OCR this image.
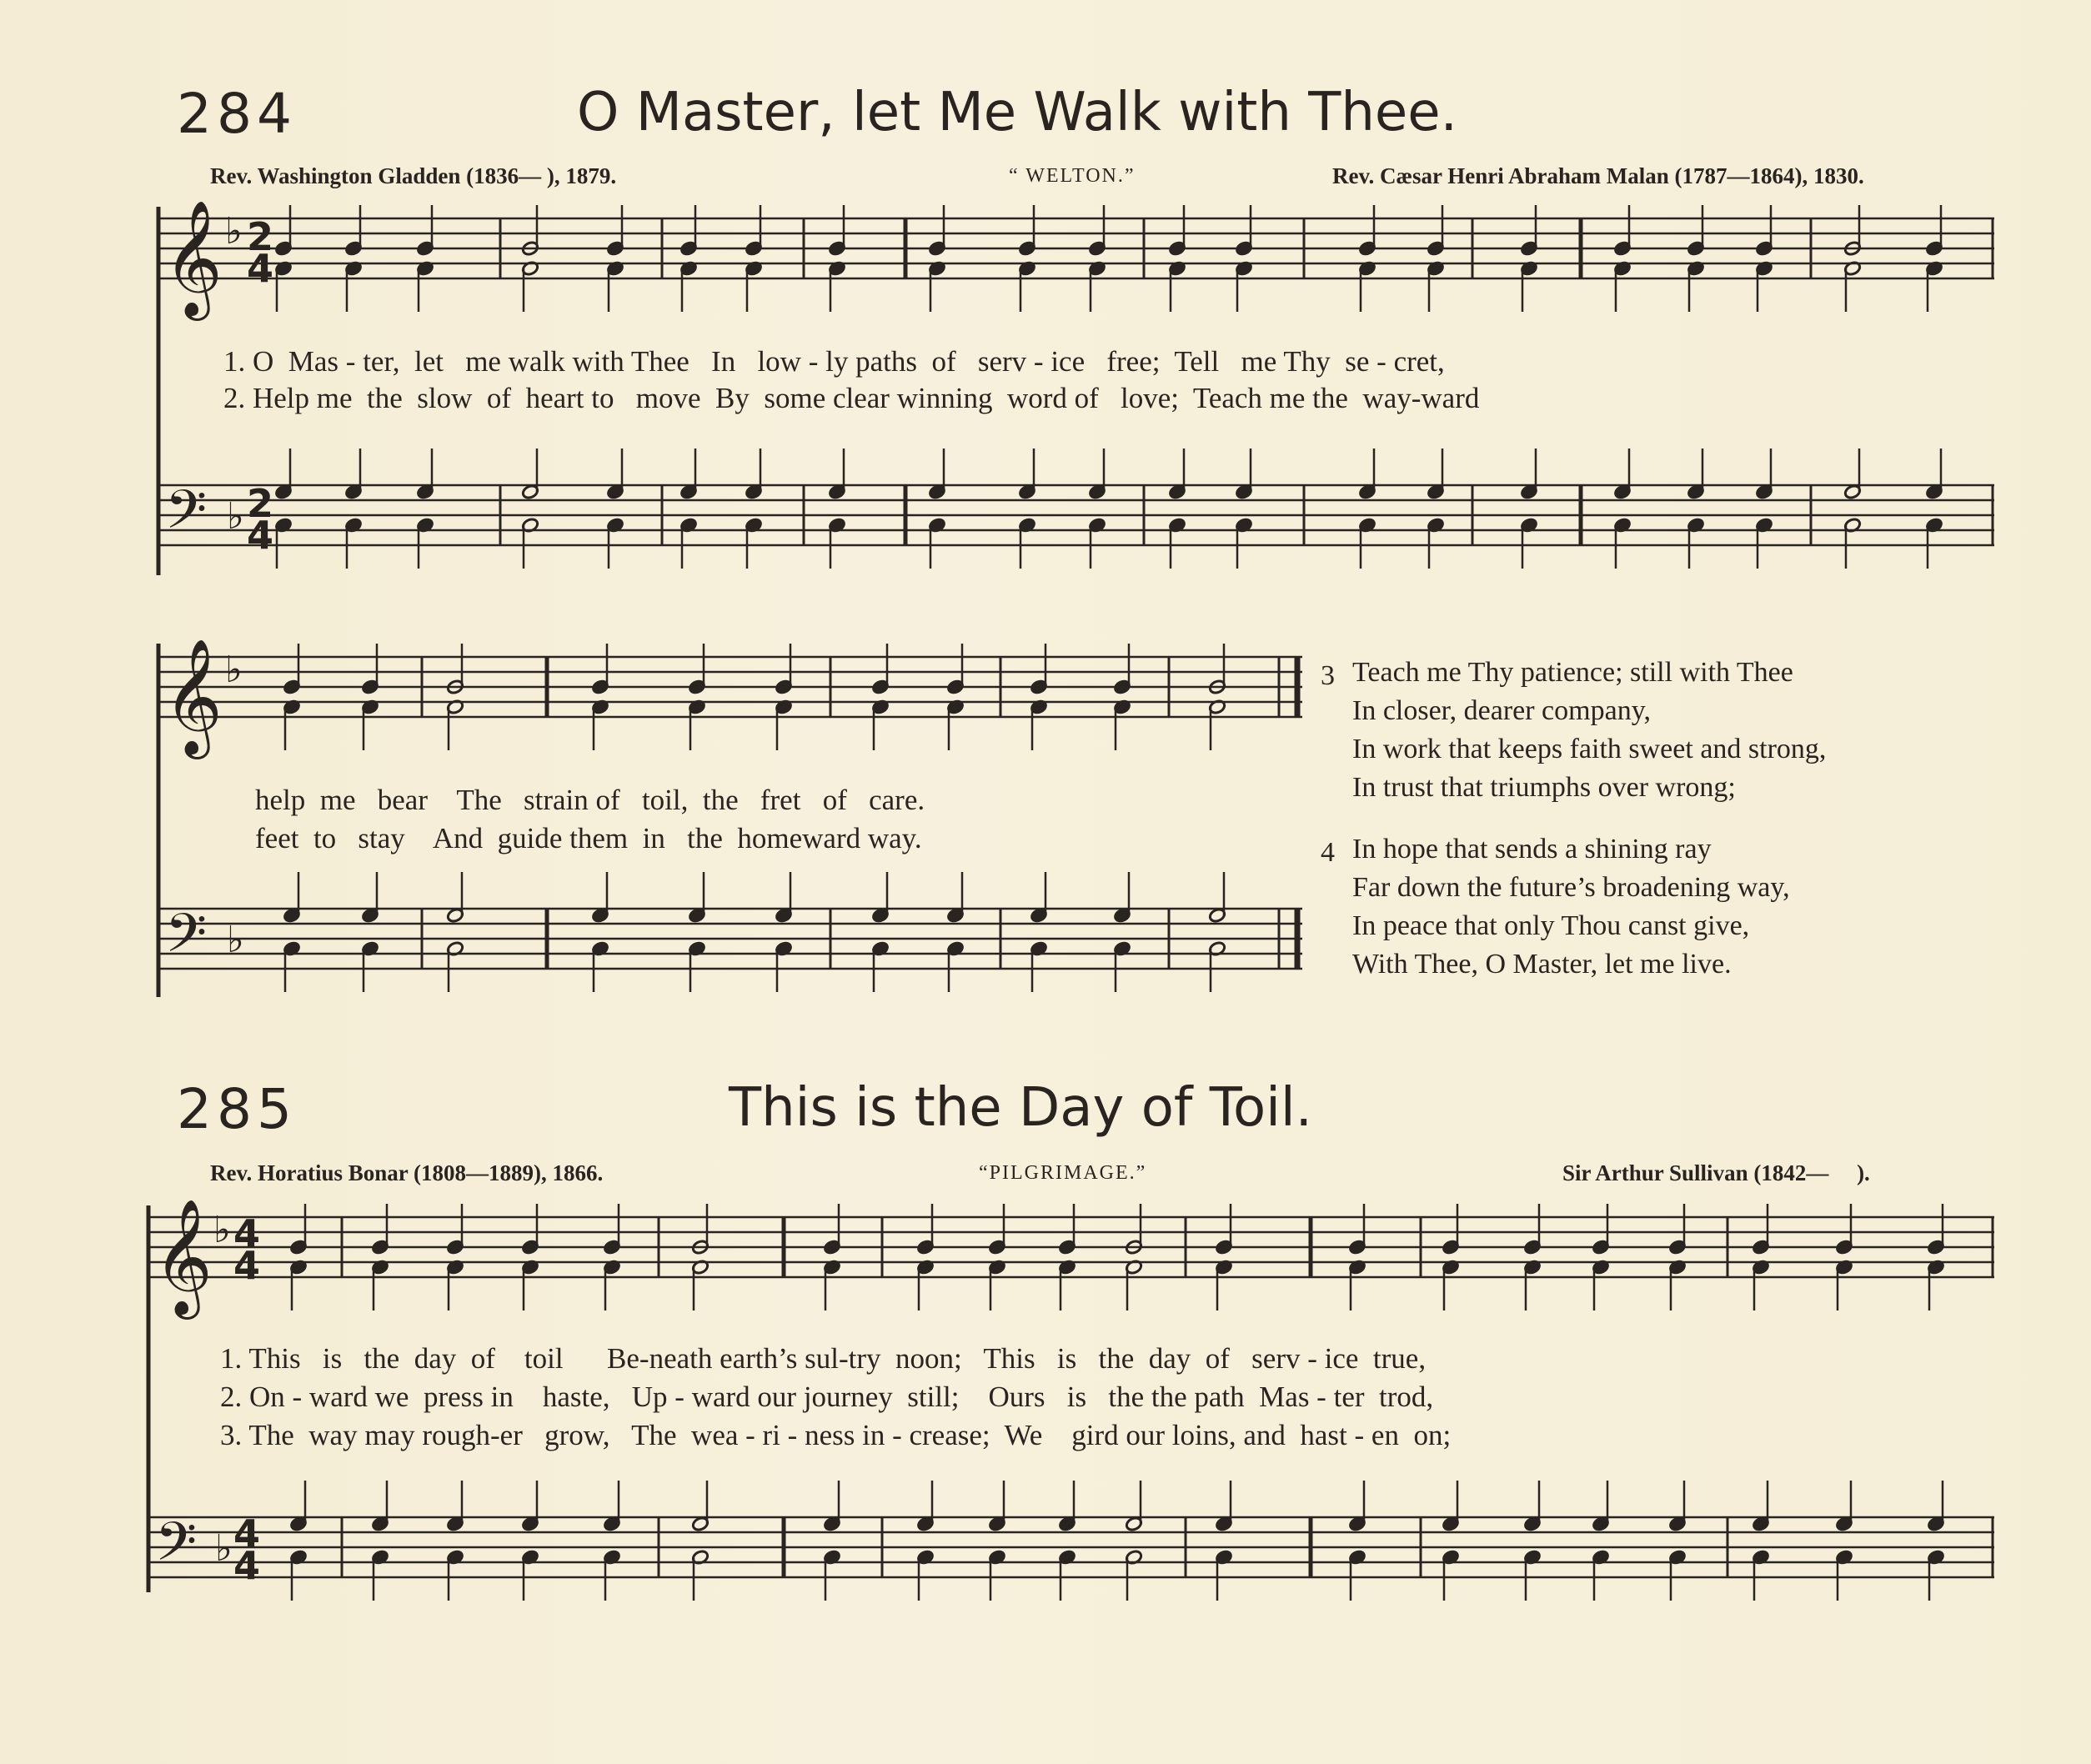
284	O Master, let Me Walk with Thee.
Rev. Washington Gladden (1836— ), 1879.	“ WELTON.”	Rev. Cæsar Henri Abraham Malan (1787—1864), 1830.
𝄞
𝄢
♭
♭
2
4
2
4
𝄞
𝄢
♭
♭
𝄞
𝄢
♭
♭
4
4
4
4
1. O  Mas - ter,  let   me walk with Thee   In   low - ly paths  of   serv - ice   free;  Tell   me Thy  se - cret,
2. Help me  the  slow  of  heart to   move  By  some clear winning  word of   love;  Teach me the  way-ward
help  me   bear    The   strain of   toil,  the   fret   of   care.
feet  to   stay    And  guide them  in   the  homeward way.
3 Teach me Thy patience; still with Thee
In closer, dearer company,
In work that keeps faith sweet and strong,
In trust that triumphs over wrong;
4 In hope that sends a shining ray
Far down the future’s broadening way,
In peace that only Thou canst give,
With Thee, O Master, let me live.
285	This is the Day of Toil.
Rev. Horatius Bonar (1808—1889), 1866.	“PILGRIMAGE.”	Sir Arthur Sullivan (1842—     ).
1. This   is   the  day  of    toil      Be-neath earth’s sul-try  noon;   This   is   the  day  of   serv - ice  true,
2. On - ward we  press in    haste,   Up - ward our journey  still;    Ours   is   the the path  Mas - ter  trod,
3. The  way may rough-er   grow,   The  wea - ri - ness in - crease;  We    gird our loins, and  hast - en  on;
